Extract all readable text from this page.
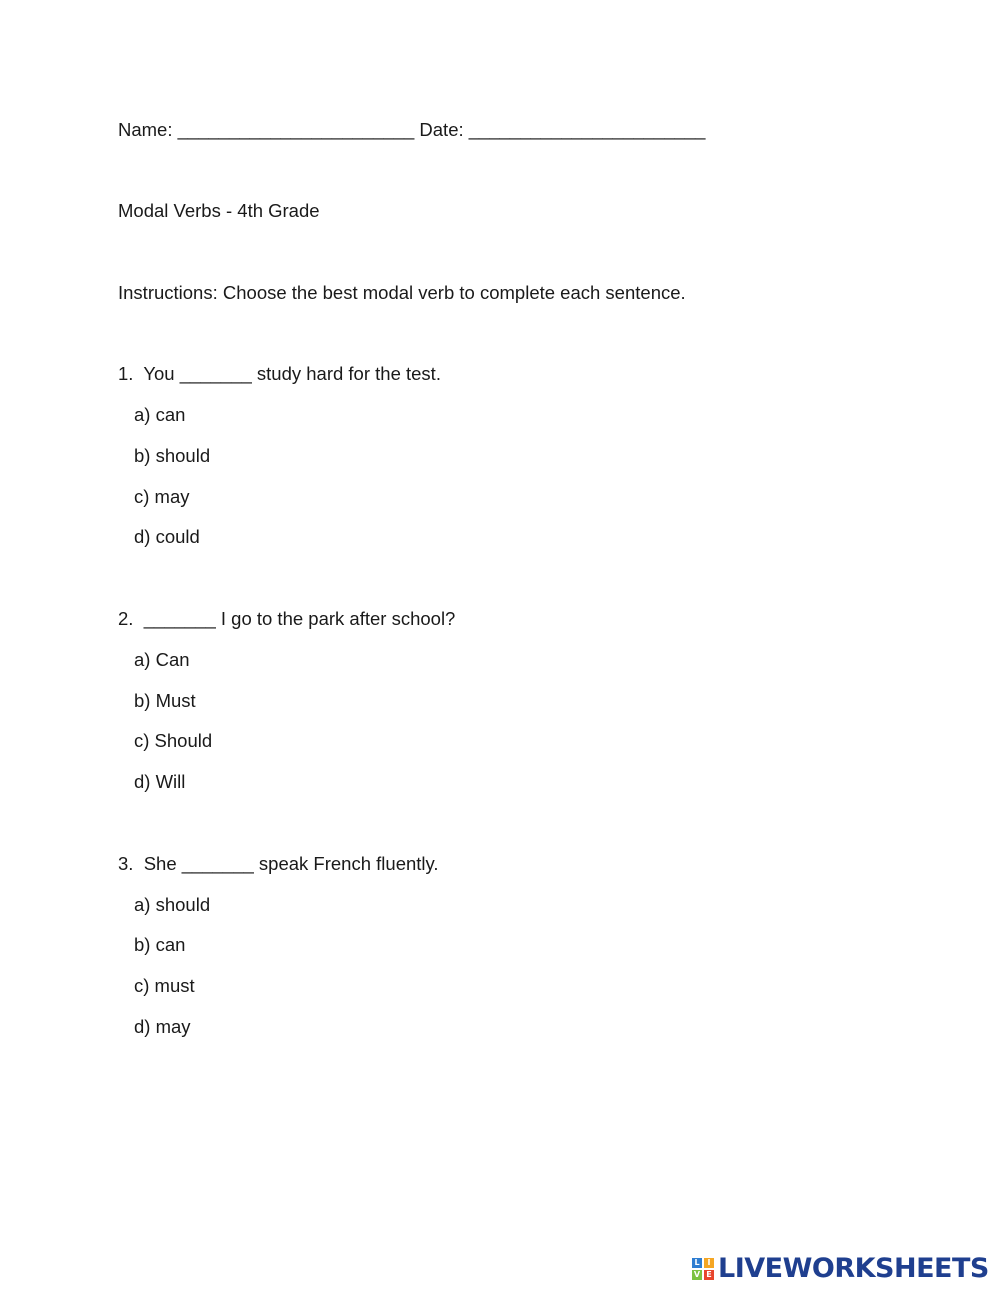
Name: _______________________ Date: _______________________
Modal Verbs - 4th Grade
Instructions: Choose the best modal verb to complete each sentence.
1.  You _______ study hard for the test.
a) can
b) should
c) may
d) could
2.  _______ I go to the park after school?
a) Can
b) Must
c) Should
d) Will
3.  She _______ speak French fluently.
a) should
b) can
c) must
d) may
L I
V E LIVEWORKSHEETS
